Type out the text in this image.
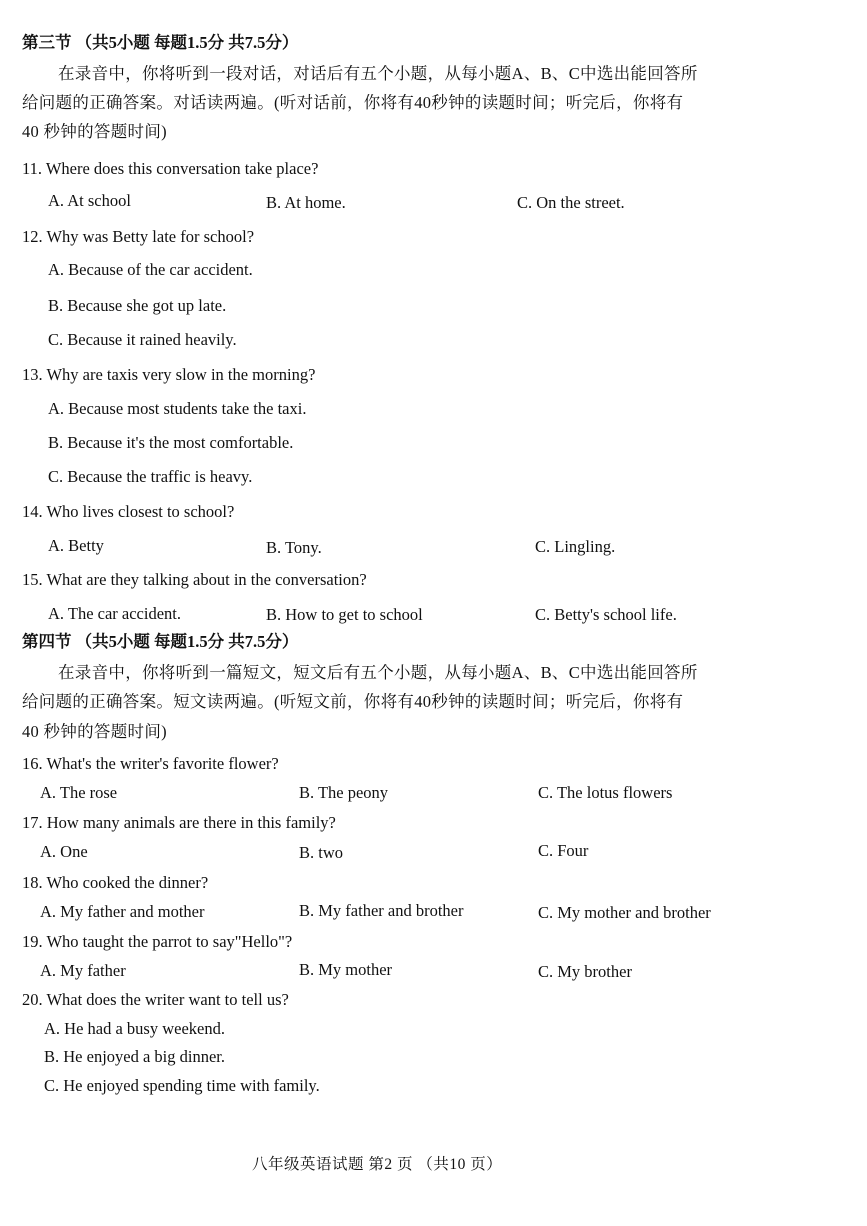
第三节 （共5小题 每题1.5分 共7.5分）
在录音中，你将听到一段对话，对话后有五个小题，从每小题A、B、C中选出能回答所
给问题的正确答案。对话读两遍。(听对话前，你将有40秒钟的读题时间；听完后，你将有
40 秒钟的答题时间)
11. Where does this conversation take place?
A. At school	B. At home.	C. On the street.
12. Why was Betty late for school?
A. Because of the car accident.
B. Because she got up late.
C. Because it rained heavily.
13. Why are taxis very slow in the morning?
A. Because most students take the taxi.
B. Because it's the most comfortable.
C. Because the traffic is heavy.
14. Who lives closest to school?
A. Betty	B. Tony.	C. Lingling.
15. What are they talking about in the conversation?
A. The car accident.	B. How to get to school	C. Betty's school life.
第四节 （共5小题 每题1.5分 共7.5分）
在录音中，你将听到一篇短文，短文后有五个小题，从每小题A、B、C中选出能回答所
给问题的正确答案。短文读两遍。(听短文前，你将有40秒钟的读题时间；听完后，你将有
40 秒钟的答题时间)
16. What's the writer's favorite flower?
A. The rose	B. The peony	C. The lotus flowers
17. How many animals are there in this family?
A. One	B. two	C. Four
18. Who cooked the dinner?
A. My father and mother	B. My father and brother	C. My mother and brother
19. Who taught the parrot to say"Hello"?
A. My father	B. My mother	C. My brother
20. What does the writer want to tell us?
A. He had a busy weekend.
B. He enjoyed a big dinner.
C. He enjoyed spending time with family.
八年级英语试题 第2 页 （共10 页）
